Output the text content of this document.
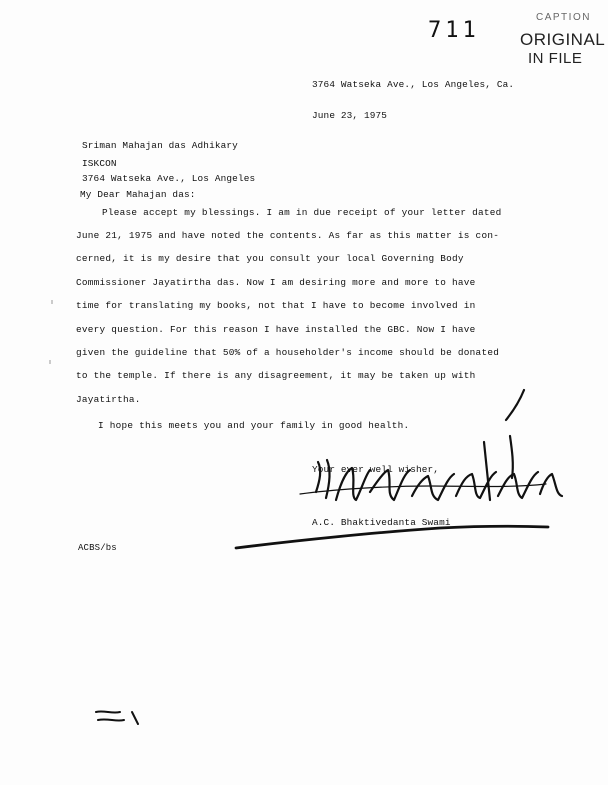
711
CAPTION
ORIGINAL
IN FILE
3764 Watseka Ave., Los Angeles, Ca.
June 23, 1975
Sriman Mahajan das Adhikary
ISKCON
3764 Watseka Ave., Los Angeles
My Dear Mahajan das:
Please accept my blessings. I am in due receipt of your letter dated
June 21, 1975 and have noted the contents. As far as this matter is con-
cerned, it is my desire that you consult your local Governing Body
Commissioner Jayatirtha das. Now I am desiring more and more to have
time for translating my books, not that I have to become involved in
every question. For this reason I have installed the GBC. Now I have
given the guideline that 50% of a householder's income should be donated
to the temple. If there is any disagreement, it may be taken up with
Jayatirtha.
I hope this meets you and your family in good health.
Your ever well wisher,
A.C. Bhaktivedanta Swami
ACBS/bs
